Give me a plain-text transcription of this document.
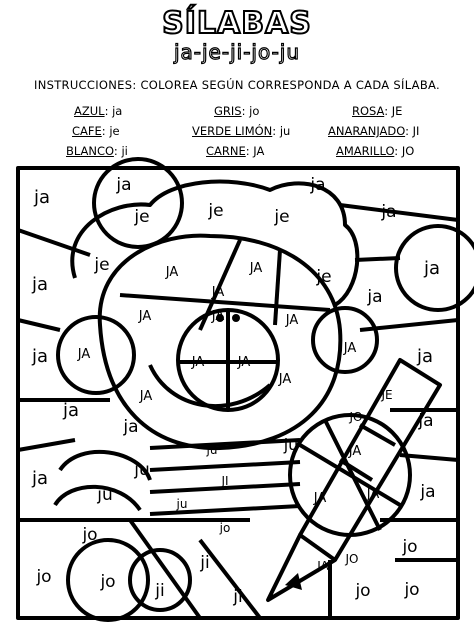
SÍLABAS
ja-je-ji-jo-ju
INSTRUCCIONES: COLOREA SEGÚN CORRESPONDA A CADA SÍLABA.
AZUL: ja	GRIS: jo	ROSA: JE
CAFE: je	VERDE LIMÓN: ju	ANARANJADO: JI
BLANCO: ji	CARNE: JA	AMARILLO: JO
ja
ja
je	je	je
ja
ja
ja
je	JA	JA
JA
JA
je	ja
ja
JA
JA
ja JA
JA	JA
JA	ja
JA
JA
JE
ja
ja	JO	ja
ju	ju
ju
JA
ja	JI
JA	JA ja
ju	ju
jo	jo
jo
ji	JA JO
jo	jo	jo
ji	ji	jo
